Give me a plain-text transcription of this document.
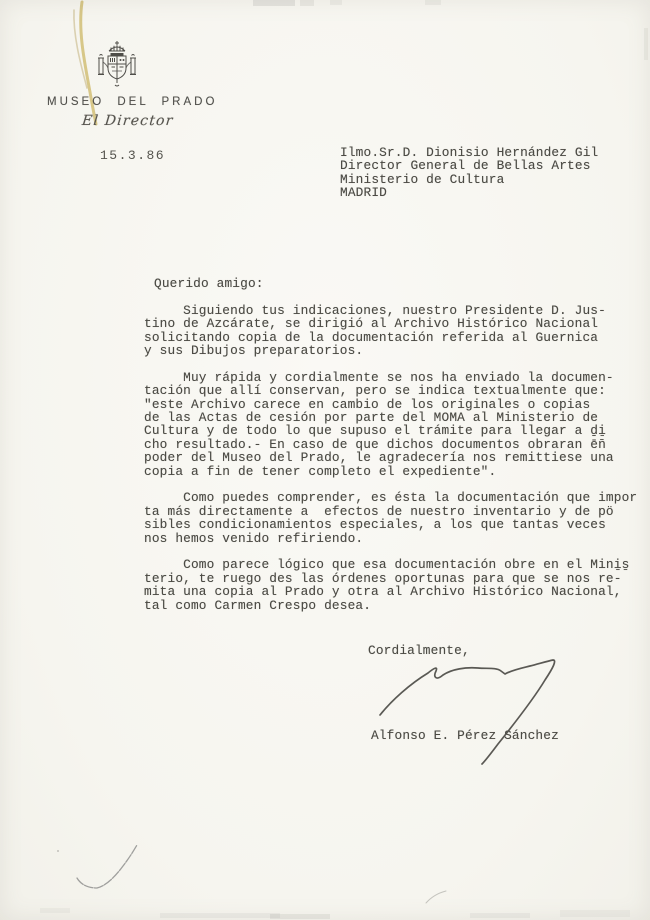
MUSEO DEL PRADO
El Director
15.3.86	Ilmo.Sr.D. Dionisio Hernández Gil
Director General de Bellas Artes
Ministerio de Cultura
MADRID
Querido amigo:
Siguiendo tus indicaciones, nuestro Presidente D. Jus-
tino de Azcárate, se dirigió al Archivo Histórico Nacional
solicitando copia de la documentación referida al Guernica
y sus Dibujos preparatorios.
Muy rápida y cordialmente se nos ha enviado la documen-
tación que allí conservan, pero se indica textualmente que:
"este Archivo carece en cambio de los originales o copias
de las Actas de cesión por parte del MOMA al Ministerio de
Cultura y de todo lo que supuso el trámite para llegar a ḏi̱
cho resultado.- En caso de que dichos documentos obraran ēn̄
poder del Museo del Prado, le agradecería nos remittiese una
copia a fin de tener completo el expediente".
Como puedes comprender, es ésta la documentación que impor
ta más directamente a  efectos de nuestro inventario y de pö
sibles condicionamientos especiales, a los que tantas veces
nos hemos venido refiriendo.
Como parece lógico que esa documentación obre en el Mini̱s̱
terio, te ruego des las órdenes oportunas para que se nos re-
mita una copia al Prado y otra al Archivo Histórico Nacional,
tal como Carmen Crespo desea.
Cordialmente,
Alfonso E. Pérez Sánchez
